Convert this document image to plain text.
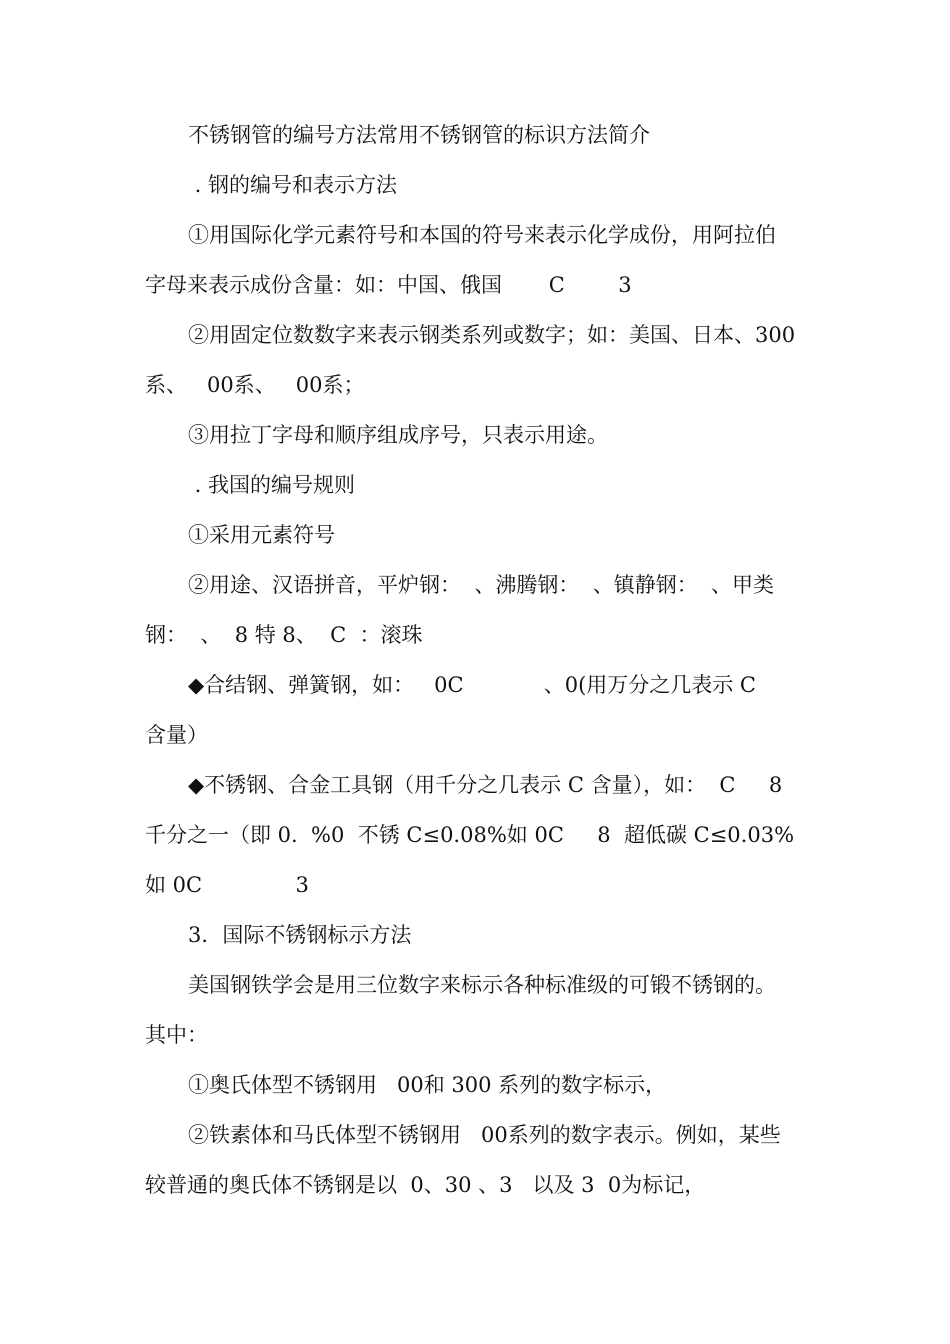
不锈钢管的编号方法常用不锈钢管的标识方法简介
. 钢的编号和表示方法
①用国际化学元素符号和本国的符号来表示化学成份，用阿拉伯
字母来表示成份含量：如：中国、俄国       C        3
②用固定位数数字来表示钢类系列或数字；如：美国、日本、300
系、   00系、   00系；
③用拉丁字母和顺序组成序号，只表示用途。
. 我国的编号规则
①采用元素符号
②用途、汉语拼音，平炉钢：  、沸腾钢：  、镇静钢：  、甲类
钢：  、  8 特 8、  C  ：滚珠
◆合结钢、弹簧钢，如：   0C            、0(用万分之几表示 C
含量）
◆不锈钢、合金工具钢（用千分之几表示 C 含量），如：  C     8
千分之一（即 0.  %0  不锈 C≤0.08%如 0C     8  超低碳 C≤0.03%
如 0C              3
3．国际不锈钢标示方法
美国钢铁学会是用三位数字来标示各种标准级的可锻不锈钢的。
其中：
①奥氏体型不锈钢用   00和 300 系列的数字标示，
②铁素体和马氏体型不锈钢用   00系列的数字表示。例如，某些
较普通的奥氏体不锈钢是以  0、30 、3   以及 3  0为标记，
